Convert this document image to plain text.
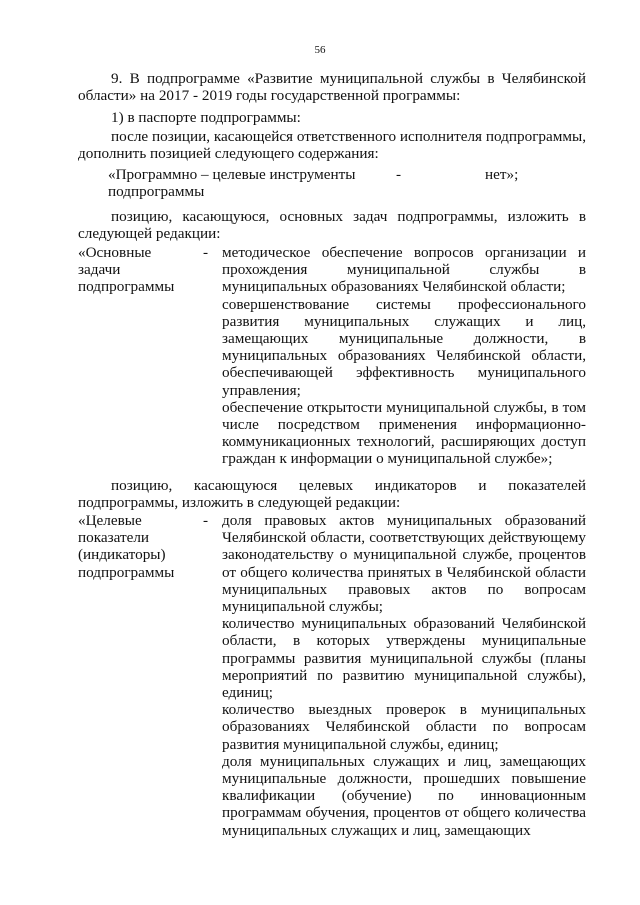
56
9. В подпрограмме «Развитие муниципальной службы в Челябинской области» на 2017 - 2019 годы государственной программы:
1) в паспорте подпрограммы:
после позиции, касающейся ответственного исполнителя подпрограммы, дополнить позицией следующего содержания:
«Программно – целевые инструменты
подпрограммы
-	нет»;
позицию, касающуюся, основных задач подпрограммы, изложить в следующей редакции:
«Основные задачи подпрограммы
- методическое обеспечение вопросов организации и прохождения муниципальной службы в муниципальных образованиях Челябинской области;
совершенствование системы профессионального развития муниципальных служащих и лиц, замещающих муниципальные должности, в муниципальных образованиях Челябинской области, обеспечивающей эффективность муниципального управления;
обеспечение открытости муниципальной службы, в том числе посредством применения информационно-коммуникационных технологий, расширяющих доступ граждан к информации о муниципальной службе»;
позицию, касающуюся целевых индикаторов и показателей подпрограммы, изложить в следующей редакции:
«Целевые показатели (индикаторы) подпрограммы
- доля правовых актов муниципальных образований Челябинской области, соответствующих действующему законодательству о муниципальной службе, процентов от общего количества принятых в Челябинской области муниципальных правовых актов по вопросам муниципальной службы;
количество муниципальных образований Челябинской области, в которых утверждены муниципальные программы развития муниципальной службы (планы мероприятий по развитию муниципальной службы), единиц;
количество выездных проверок в муниципальных образованиях Челябинской области по вопросам развития муниципальной службы, единиц;
доля муниципальных служащих и лиц, замещающих муниципальные должности, прошедших повышение квалификации (обучение) по инновационным программам обучения, процентов от общего количества муниципальных служащих и лиц, замещающих
